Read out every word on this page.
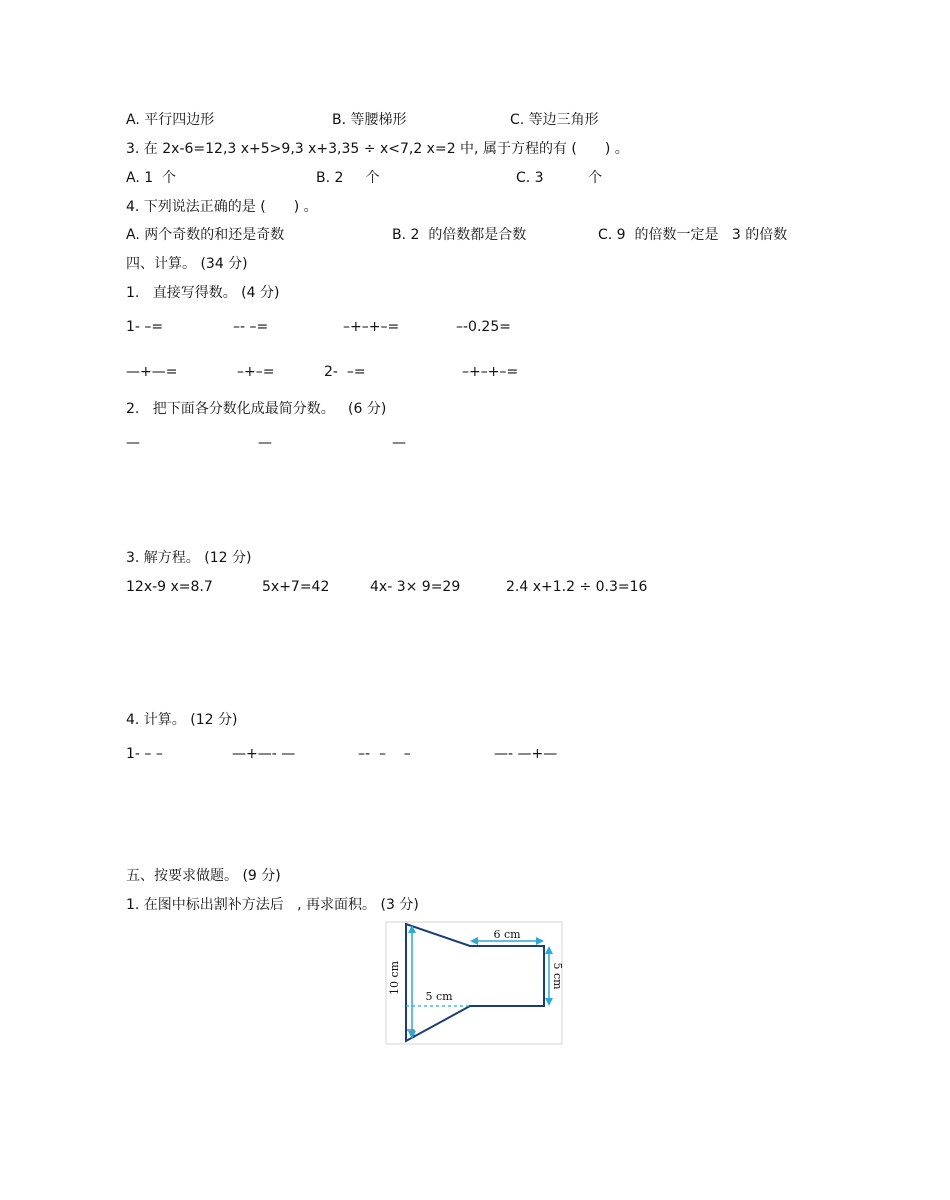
A. 平行四边形	B. 等腰梯形	C. 等边三角形
3. 在 2x-6=12,3 x+5>9,3 x+3,35 ÷ x<7,2 x=2 中, 属于方程的有 (　　) 。
A. 1  个	B. 2     个	C. 3          个
4. 下列说法正确的是 (　　) 。
A. 两个奇数的和还是奇数	B. 2  的倍数都是合数	C. 9  的倍数一定是   3 的倍数
四、计算。 (34 分)
1.   直接写得数。 (4 分)
1- –=	–- –=	–+–+–=	–-0.25=
—+—=	–+–=	2-  –=	–+–+–=
2.   把下面各分数化成最简分数。   (6 分)
—	—	—
3. 解方程。 (12 分)
12x-9 x=8.7	5x+7=42	4x- 3× 9=29	2.4 x+1.2 ÷ 0.3=16
4. 计算。 (12 分)
1- – –	—+—- —	–-  –    –	—- —+—
五、按要求做题。 (9 分)
1. 在图中标出割补方法后   , 再求面积。 (3 分)
6 cm
5 cm
10 cm
5 cm
